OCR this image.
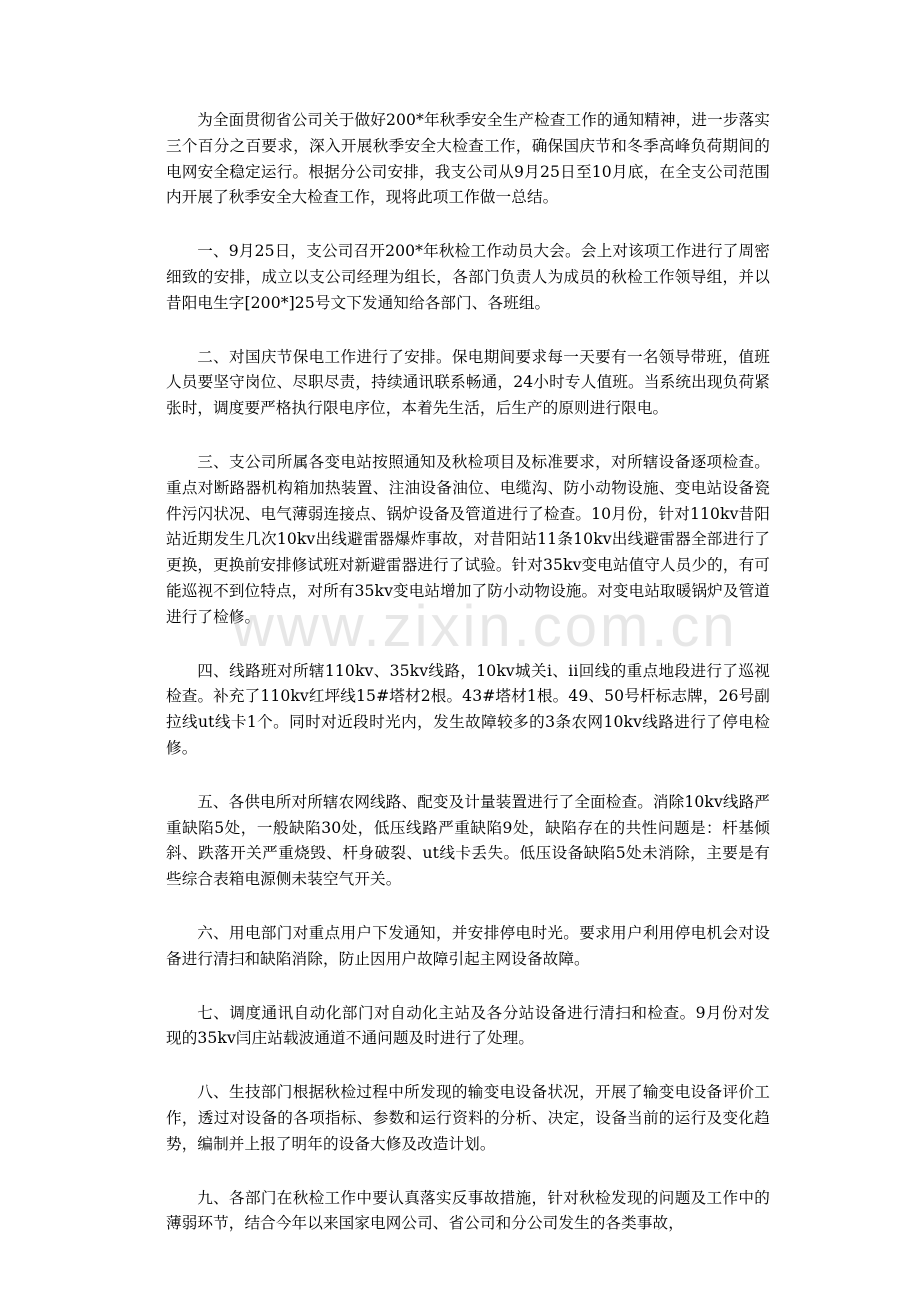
为全面贯彻省公司关于做好200*年秋季安全生产检查工作的通知精神，进一步落实三个百分之百要求，深入开展秋季安全大检查工作，确保国庆节和冬季高峰负荷期间的电网安全稳定运行。根据分公司安排，我支公司从9月25日至10月底，在全支公司范围内开展了秋季安全大检查工作，现将此项工作做一总结。

一、9月25日，支公司召开200*年秋检工作动员大会。会上对该项工作进行了周密细致的安排，成立以支公司经理为组长，各部门负责人为成员的秋检工作领导组，并以昔阳电生字[200*]25号文下发通知给各部门、各班组。

二、对国庆节保电工作进行了安排。保电期间要求每一天要有一名领导带班，值班人员要坚守岗位、尽职尽责，持续通讯联系畅通，24小时专人值班。当系统出现负荷紧张时，调度要严格执行限电序位，本着先生活，后生产的原则进行限电。

三、支公司所属各变电站按照通知及秋检项目及标准要求，对所辖设备逐项检查。重点对断路器机构箱加热装置、注油设备油位、电缆沟、防小动物设施、变电站设备瓷件污闪状况、电气薄弱连接点、锅炉设备及管道进行了检查。10月份，针对110kv昔阳站近期发生几次10kv出线避雷器爆炸事故，对昔阳站11条10kv出线避雷器全部进行了更换，更换前安排修试班对新避雷器进行了试验。针对35kv变电站值守人员少的，有可能巡视不到位特点，对所有35kv变电站增加了防小动物设施。对变电站取暖锅炉及管道进行了检修。

四、线路班对所辖110kv、35kv线路，10kv城关i、ii回线的重点地段进行了巡视检查。补充了110kv红坪线15#塔材2根。43#塔材1根。49、50号杆标志牌，26号副拉线ut线卡1个。同时对近段时光内，发生故障较多的3条农网10kv线路进行了停电检修。

五、各供电所对所辖农网线路、配变及计量装置进行了全面检查。消除10kv线路严重缺陷5处，一般缺陷30处，低压线路严重缺陷9处，缺陷存在的共性问题是：杆基倾斜、跌落开关严重烧毁、杆身破裂、ut线卡丢失。低压设备缺陷5处未消除，主要是有些综合表箱电源侧未装空气开关。

六、用电部门对重点用户下发通知，并安排停电时光。要求用户利用停电机会对设备进行清扫和缺陷消除，防止因用户故障引起主网设备故障。

七、调度通讯自动化部门对自动化主站及各分站设备进行清扫和检查。9月份对发现的35kv闫庄站载波通道不通问题及时进行了处理。

八、生技部门根据秋检过程中所发现的输变电设备状况，开展了输变电设备评价工作，透过对设备的各项指标、参数和运行资料的分析、决定，设备当前的运行及变化趋势，编制并上报了明年的设备大修及改造计划。

九、各部门在秋检工作中要认真落实反事故措施，针对秋检发现的问题及工作中的薄弱环节，结合今年以来国家电网公司、省公司和分公司发生的各类事故，

www.zixin.com.cn
